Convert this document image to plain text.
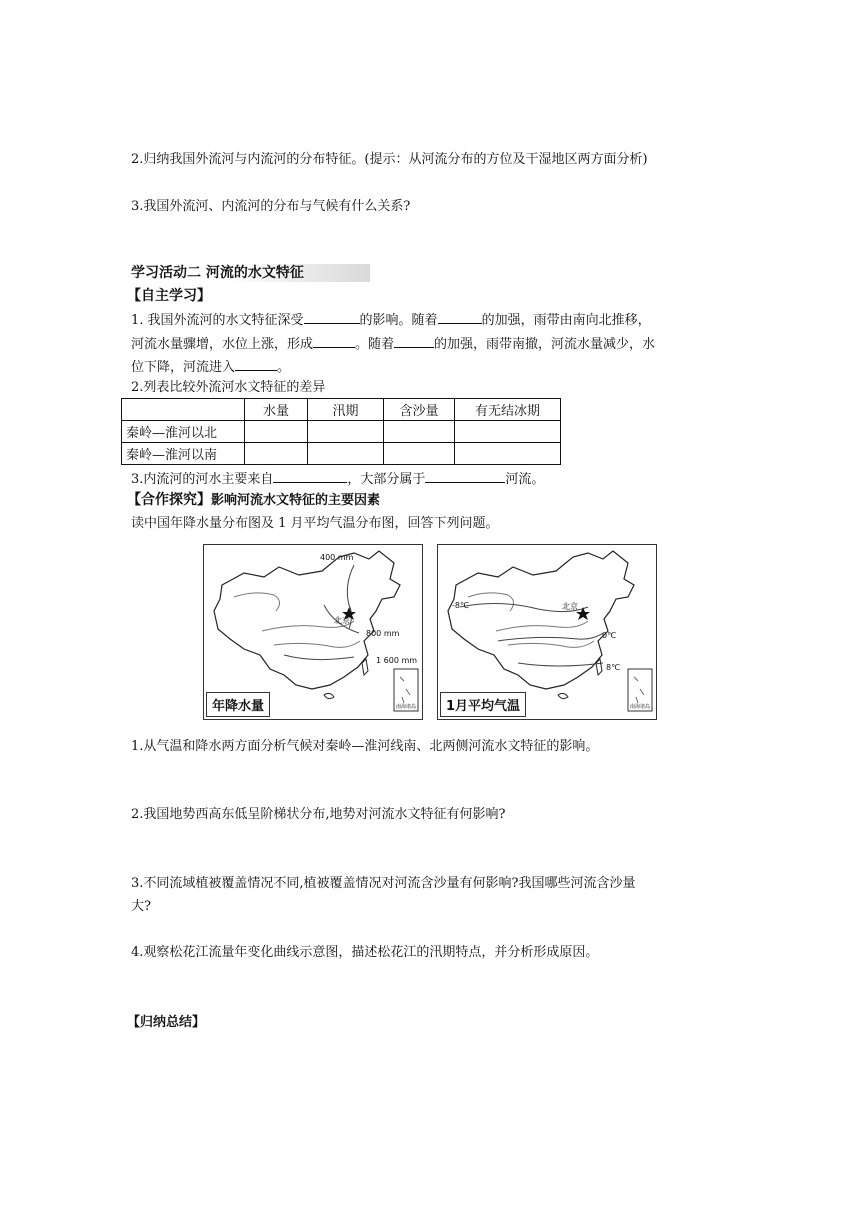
2.归纳我国外流河与内流河的分布特征。(提示：从河流分布的方位及干湿地区两方面分析)
3.我国外流河、内流河的分布与气候有什么关系?
学习活动二 河流的水文特征
【自主学习】
1. 我国外流河的水文特征深受	的影响。随着	的加强，雨带由南向北推移，
河流水量骤增，水位上涨，形成	。随着	的加强，雨带南撤，河流水量减少，水
位下降，河流进入	。
2.列表比较外流河水文特征的差异
	水量	汛期	含沙量	有无结冰期
秦岭—淮河以北				
秦岭—淮河以南				
3.内流河的河水主要来自	，大部分属于	河流。
【合作探究】影响河流水文特征的主要因素
读中国年降水量分布图及 1 月平均气温分布图，回答下列问题。
400 mm
800 mm
1 600 mm
北京
南海诸岛
年降水量
-8℃
0℃
8℃
北京
南海诸岛
1月平均气温
1.从气温和降水两方面分析气候对秦岭—淮河线南、北两侧河流水文特征的影响。
2.我国地势西高东低呈阶梯状分布,地势对河流水文特征有何影响?
3.不同流域植被覆盖情况不同,植被覆盖情况对河流含沙量有何影响?我国哪些河流含沙量
大?
4.观察松花江流量年变化曲线示意图，描述松花江的汛期特点，并分析形成原因。
【归纳总结】
